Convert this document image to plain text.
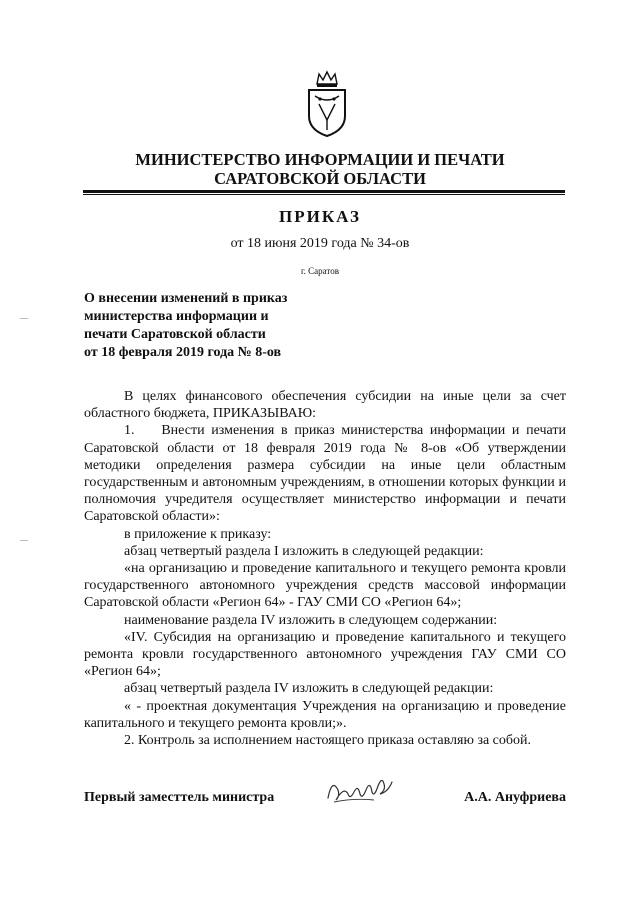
МИНИСТЕРСТВО ИНФОРМАЦИИ И ПЕЧАТИ
САРАТОВСКОЙ ОБЛАСТИ
ПРИКАЗ
от 18 июня 2019 года № 34-ов
г. Саратов
О внесении изменений в приказ
министерства информации и
печати Саратовской области
от 18 февраля 2019 года № 8-ов

В целях финансового обеспечения субсидии на иные цели за счет областного бюджета, ПРИКАЗЫВАЮ:

1.    Внести изменения в приказ министерства информации и печати Саратовской области от 18 февраля 2019 года № 8-ов «Об утверждении методики определения размера субсидии на иные цели областным государственным и автономным учреждениям, в отношении которых функции и полномочия учредителя осуществляет министерство информации и печати Саратовской области»:

в приложение к приказу:

абзац четвертый раздела I изложить в следующей редакции:

«на организацию и проведение капитального и текущего ремонта кровли государственного автономного учреждения средств массовой информации Саратовской области «Регион 64» - ГАУ СМИ СО «Регион 64»;

наименование раздела IV изложить в следующем содержании:

«IV. Субсидия на организацию и проведение капитального и текущего ремонта кровли государственного автономного учреждения ГАУ СМИ СО «Регион 64»;

абзац четвертый раздела IV изложить в следующей редакции:

« - проектная документация Учреждения на организацию и проведение капитального и текущего ремонта кровли;».

2. Контроль за исполнением настоящего приказа оставляю за собой.

Первый заместтель министра	А.А. Ануфриева
